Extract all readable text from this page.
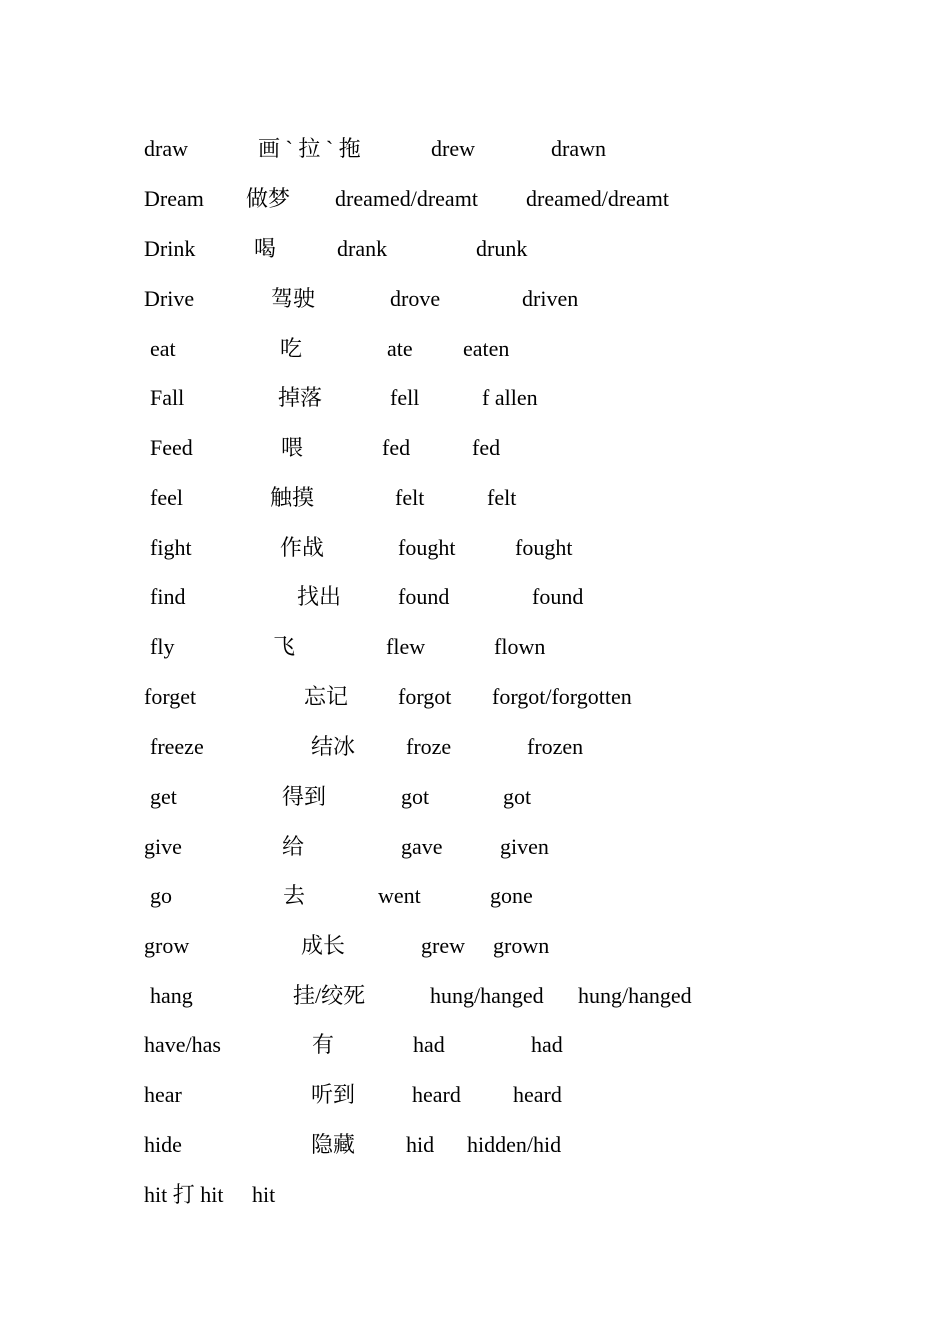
draw	画 ` 拉 ` 拖	drew	drawn
Dream 做梦 dreamed/dreamt dreamed/dreamt
Drink	喝	drank	drunk
Drive	驾驶	drove	driven
eat	吃	ate eaten
Fall	掉落	fell	f allen
Feed	喂	fed	fed
feel	触摸	felt	felt
fight	作战	fought	fought
find	找出	found	found
fly	飞	flew	flown
forget	忘记 forgot forgot/forgotten
freeze	结冰 froze	frozen
get	得到	got	got
give	给	gave	given
go	去	went	gone
grow	成长	grew grown
hang	挂/绞死	hung/hanged hung/hanged
have/has	有	had	had
hear	听到	heard heard
hide	隐藏 hid hidden/hid
hit 打 hit hit
